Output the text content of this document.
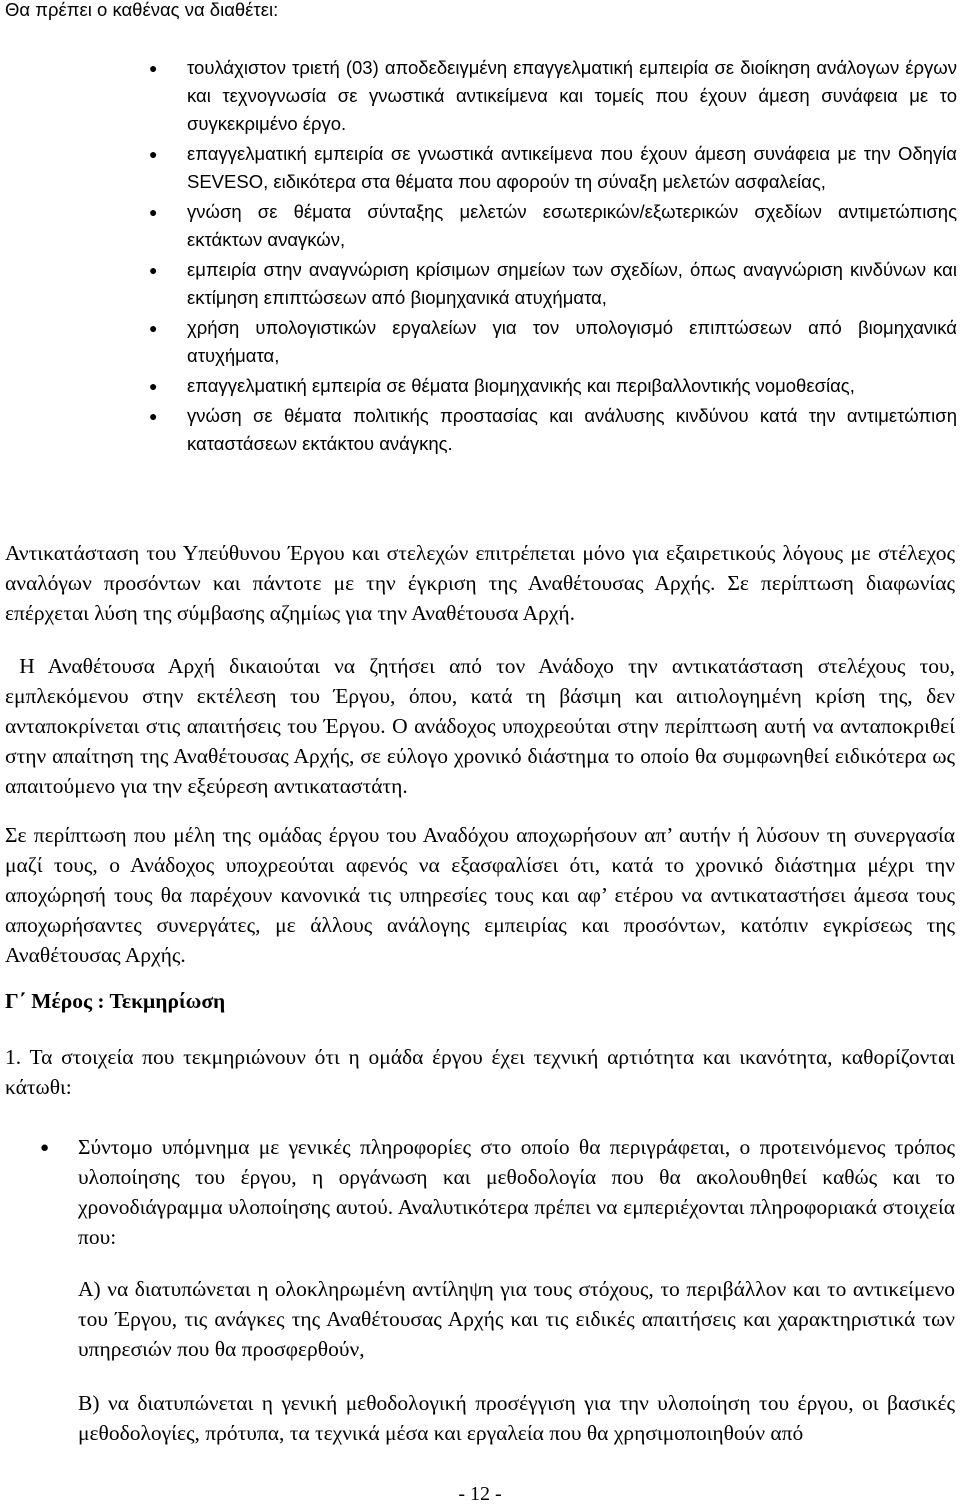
Θα πρέπει ο καθένας να διαθέτει:
● τουλάχιστον τριετή (03) αποδεδειγμένη επαγγελματική εμπειρία σε διοίκηση ανάλογων έργων και τεχνογνωσία σε γνωστικά αντικείμενα και τομείς που έχουν άμεση συνάφεια με το συγκεκριμένο έργο.
● επαγγελματική εμπειρία σε γνωστικά αντικείμενα που έχουν άμεση συνάφεια με την Οδηγία SEVESO, ειδικότερα στα θέματα που αφορούν τη σύναξη μελετών ασφαλείας,
● γνώση σε θέματα σύνταξης μελετών εσωτερικών/εξωτερικών σχεδίων αντιμετώπισης εκτάκτων αναγκών,
● εμπειρία στην αναγνώριση κρίσιμων σημείων των σχεδίων, όπως αναγνώριση κινδύνων και εκτίμηση επιπτώσεων από βιομηχανικά ατυχήματα,
● χρήση υπολογιστικών εργαλείων για τον υπολογισμό επιπτώσεων από βιομηχανικά ατυχήματα,
● επαγγελματική εμπειρία σε θέματα βιομηχανικής και περιβαλλοντικής νομοθεσίας,
● γνώση σε θέματα πολιτικής προστασίας και ανάλυσης κινδύνου κατά την αντιμετώπιση καταστάσεων εκτάκτου ανάγκης.

Αντικατάσταση του Υπεύθυνου Έργου και στελεχών επιτρέπεται μόνο για εξαιρετικούς λόγους με στέλεχος αναλόγων προσόντων και πάντοτε με την έγκριση της Αναθέτουσας Αρχής. Σε περίπτωση διαφωνίας επέρχεται λύση της σύμβασης αζημίως για την Αναθέτουσα Αρχή.

Η Αναθέτουσα Αρχή δικαιούται να ζητήσει από τον Ανάδοχο την αντικατάσταση στελέχους του, εμπλεκόμενου στην εκτέλεση του Έργου, όπου, κατά τη βάσιμη και αιτιολογημένη κρίση της, δεν ανταποκρίνεται στις απαιτήσεις του Έργου. Ο ανάδοχος υποχρεούται στην περίπτωση αυτή να ανταποκριθεί στην απαίτηση της Αναθέτουσας Αρχής, σε εύλογο χρονικό διάστημα το οποίο θα συμφωνηθεί ειδικότερα ως απαιτούμενο για την εξεύρεση αντικαταστάτη.

Σε περίπτωση που μέλη της ομάδας έργου του Αναδόχου αποχωρήσουν απ’ αυτήν ή λύσουν τη συνεργασία μαζί τους, ο Ανάδοχος υποχρεούται αφενός να εξασφαλίσει ότι, κατά το χρονικό διάστημα μέχρι την αποχώρησή τους θα παρέχουν κανονικά τις υπηρεσίες τους και αφ’ ετέρου να αντικαταστήσει άμεσα τους αποχωρήσαντες συνεργάτες, με άλλους ανάλογης εμπειρίας και προσόντων, κατόπιν εγκρίσεως της Αναθέτουσας Αρχής.

Γ΄ Μέρος : Τεκμηρίωση

1. Τα στοιχεία που τεκμηριώνουν ότι η ομάδα έργου έχει τεχνική αρτιότητα και ικανότητα, καθορίζονται κάτωθι:

● Σύντομο υπόμνημα με γενικές πληροφορίες στο οποίο θα περιγράφεται, ο προτεινόμενος τρόπος υλοποίησης του έργου, η οργάνωση και μεθοδολογία που θα ακολουθηθεί καθώς και το χρονοδιάγραμμα υλοποίησης αυτού. Αναλυτικότερα πρέπει να εμπεριέχονται πληροφοριακά στοιχεία που:

Α) να διατυπώνεται η ολοκληρωμένη αντίληψη για τους στόχους, το περιβάλλον και το αντικείμενο του Έργου, τις ανάγκες της Αναθέτουσας Αρχής και τις ειδικές απαιτήσεις και χαρακτηριστικά των υπηρεσιών που θα προσφερθούν,

Β) να διατυπώνεται η γενική μεθοδολογική προσέγγιση για την υλοποίηση του έργου, οι βασικές μεθοδολογίες, πρότυπα, τα τεχνικά μέσα και εργαλεία που θα χρησιμοποιηθούν από

- 12 -
